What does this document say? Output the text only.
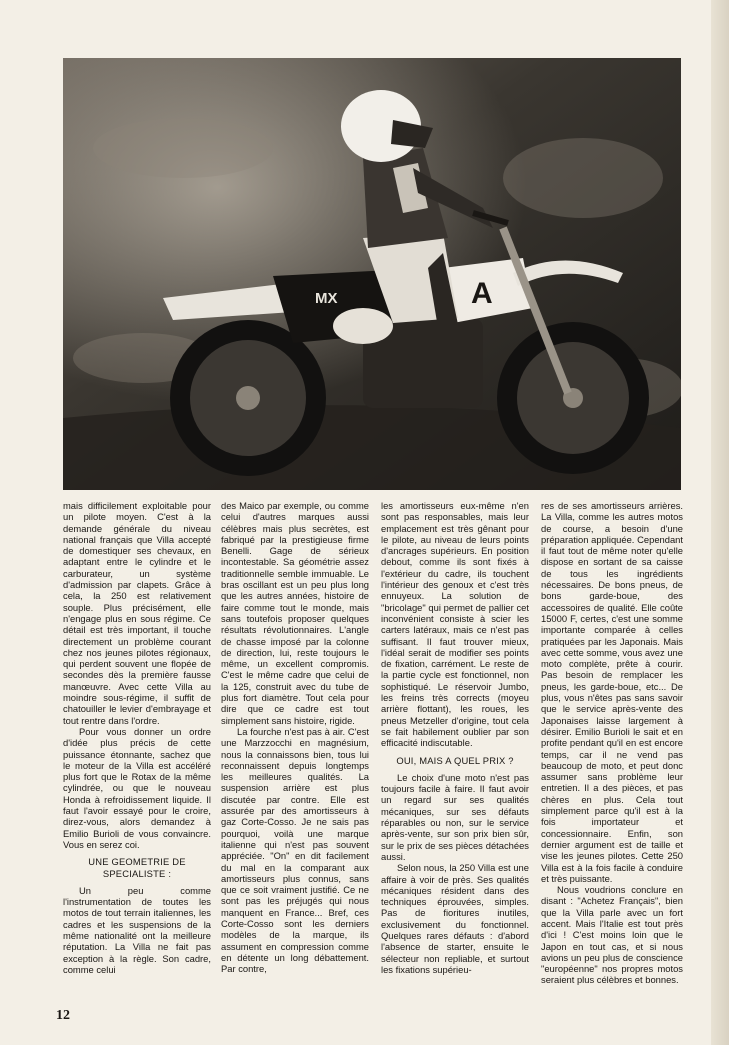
A
MX

mais difficilement exploitable pour un pilote moyen. C'est à la demande générale du niveau national français que Villa accepté de domestiquer ses chevaux, en adaptant entre le cylindre et le carburateur, un système d'admission par clapets. Grâce à cela, la 250 est relativement souple. Plus précisément, elle n'engage plus en sous régime. Ce détail est très important, il touche directement un problème courant chez nos jeunes pilotes régionaux, qui perdent souvent une flopée de secondes dès la première fausse manœuvre. Avec cette Villa au moindre sous-régime, il suffit de chatouiller le levier d'embrayage et tout rentre dans l'ordre.

Pour vous donner un ordre d'idée plus précis de cette puissance étonnante, sachez que le moteur de la Villa est accéléré plus fort que le Rotax de la même cylindrée, ou que le nouveau Honda à refroidissement liquide. Il faut l'avoir essayé pour le croire, direz-vous, alors demandez à Emilio Burioli de vous convaincre. Vous en serez coi.

UNE GEOMETRIE DE SPECIALISTE :

Un peu comme l'instrumentation de toutes les motos de tout terrain italiennes, les cadres et les suspensions de la même nationalité ont la meilleure réputation. La Villa ne fait pas exception à la règle. Son cadre, comme celui

des Maico par exemple, ou comme celui d'autres marques aussi célèbres mais plus secrètes, est fabriqué par la prestigieuse firme Benelli. Gage de sérieux incontestable. Sa géométrie assez traditionnelle semble immuable. Le bras oscillant est un peu plus long que les autres années, histoire de faire comme tout le monde, mais sans toutefois proposer quelques résultats révolutionnaires. L'angle de chasse imposé par la colonne de direction, lui, reste toujours le même, un excellent compromis. C'est le même cadre que celui de la 125, construit avec du tube de plus fort diamètre. Tout cela pour dire que ce cadre est tout simplement sans histoire, rigide.

La fourche n'est pas à air. C'est une Marzzocchi en magnésium, nous la connaissons bien, tous lui reconnaissent depuis longtemps les meilleures qualités. La suspension arrière est plus discutée par contre. Elle est assurée par des amortisseurs à gaz Corte-Cosso. Je ne sais pas pourquoi, voilà une marque italienne qui n'est pas souvent appréciée. "On" en dit facilement du mal en la comparant aux amortisseurs plus connus, sans que ce soit vraiment justifié. Ce ne sont pas les préjugés qui nous manquent en France... Bref, ces Corte-Cosso sont les derniers modèles de la marque, ils assument en compression comme en détente un long débattement. Par contre,

les amortisseurs eux-même n'en sont pas responsables, mais leur emplacement est très gênant pour le pilote, au niveau de leurs points d'ancrages supérieurs. En position debout, comme ils sont fixés à l'extérieur du cadre, ils touchent l'intérieur des genoux et c'est très ennuyeux. La solution de "bricolage" qui permet de pallier cet inconvénient consiste à scier les carters latéraux, mais ce n'est pas suffisant. Il faut trouver mieux, l'idéal serait de modifier ses points de fixation, carrément. Le reste de la partie cycle est fonctionnel, non sophistiqué. Le réservoir Jumbo, les freins très corrects (moyeu arrière flottant), les roues, les pneus Metzeller d'origine, tout cela se fait habilement oublier par son efficacité indiscutable.

OUI, MAIS A QUEL PRIX ?

Le choix d'une moto n'est pas toujours facile à faire. Il faut avoir un regard sur ses qualités mécaniques, sur ses défauts réparables ou non, sur le service après-vente, sur son prix bien sûr, sur le prix de ses pièces détachées aussi.

Selon nous, la 250 Villa est une affaire à voir de près. Ses qualités mécaniques résident dans des techniques éprouvées, simples. Pas de fioritures inutiles, exclusivement du fonctionnel. Quelques rares défauts : d'abord l'absence de starter, ensuite le sélecteur non repliable, et surtout les fixations supérieu-

res de ses amortisseurs arrières. La Villa, comme les autres motos de course, a besoin d'une préparation appliquée. Cependant il faut tout de même noter qu'elle dispose en sortant de sa caisse de tous les ingrédients nécessaires. De bons pneus, de bons garde-boue, des accessoires de qualité. Elle coûte 15000 F, certes, c'est une somme importante comparée à celles pratiquées par les Japonais. Mais avec cette somme, vous avez une moto complète, prête à courir. Pas besoin de remplacer les pneus, les garde-boue, etc... De plus, vous n'êtes pas sans savoir que le service après-vente des Japonaises laisse largement à désirer. Emilio Burioli le sait et en profite pendant qu'il en est encore temps, car il ne vend pas beaucoup de moto, et peut donc assumer sans problème leur entretien. Il a des pièces, et pas chères en plus. Cela tout simplement parce qu'il est à la fois importateur et concessionnaire. Enfin, son dernier argument est de taille et vise les jeunes pilotes. Cette 250 Villa est à la fois facile à conduire et très puissante.

Nous voudrions conclure en disant : "Achetez Français", bien que la Villa parle avec un fort accent. Mais l'Italie est tout près d'ici ! C'est moins loin que le Japon en tout cas, et si nous avions un peu plus de conscience "européenne" nos propres motos seraient plus célèbres et bonnes.

12
